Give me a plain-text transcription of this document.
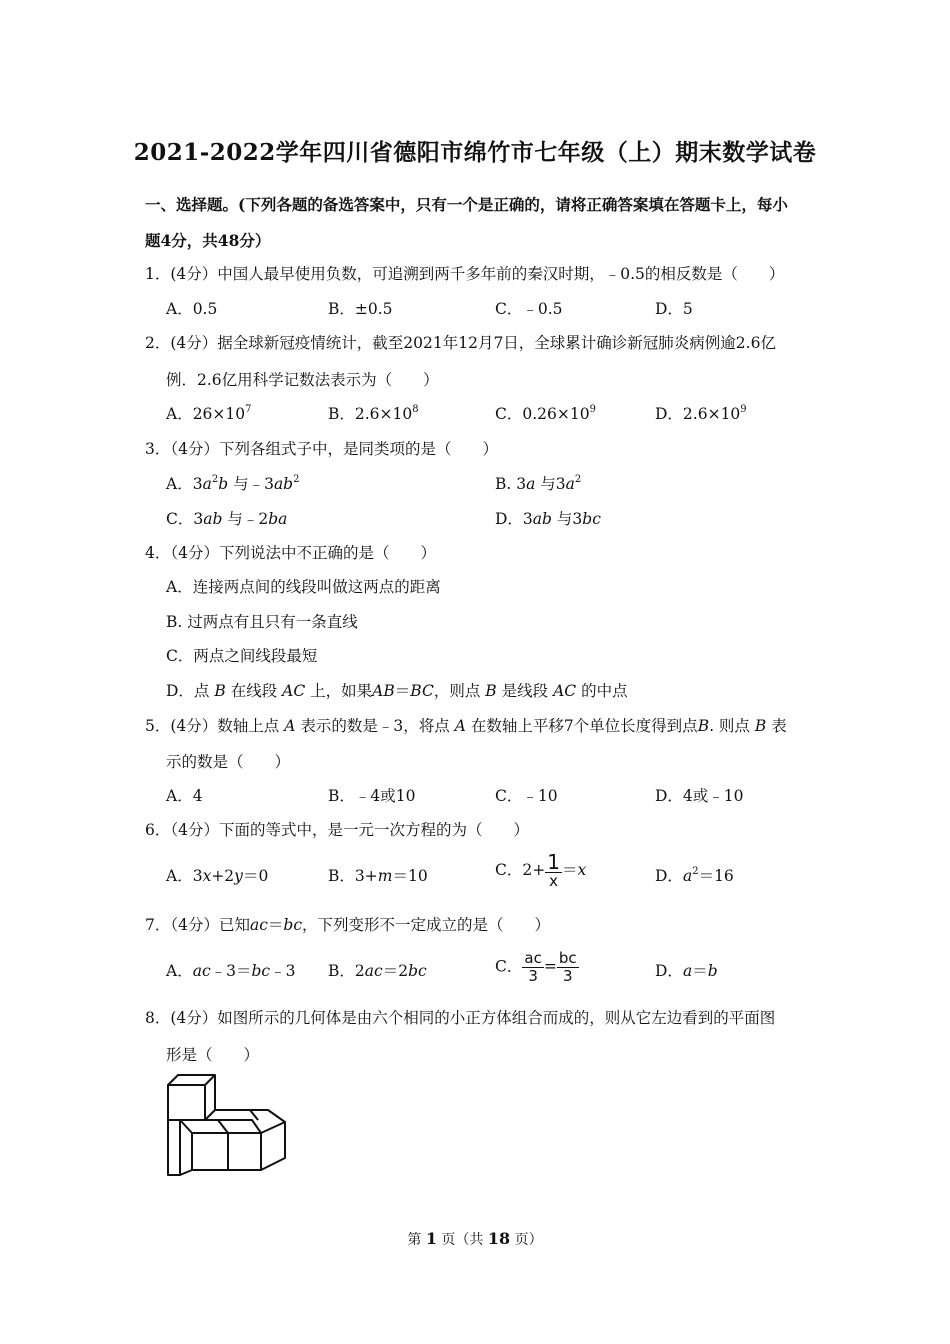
2021-2022学年四川省德阳市绵竹市七年级（上）期末数学试卷
一、选择题。(下列各题的备选答案中，只有一个是正确的，请将正确答案填在答题卡上，每小
题4分，共48分）
1．(4分）中国人最早使用负数，可追溯到两千多年前的秦汉时期，﹣0.5的相反数是（　　）
A．0.5	B．±0.5	C．﹣0.5	D．5
2．(4分）据全球新冠疫情统计，截至2021年12月7日，全球累计确诊新冠肺炎病例逾2.6亿
例．2.6亿用科学记数法表示为（　　）
A．$26\times 10^7$	B．$2.6\times 10^8$	C．$0.26\times 10^9$	D．$2.6\times 10^9$
3．（4分）下列各组式子中，是同类项的是（　　）
A．$3a^2b$ 与$﹣3ab^2$	B. 3a 与$3a^2$
C．3ab 与﹣2ba	D．3ab 与3bc
4．（4分）下列说法中不正确的是（　　）
A．连接两点间的线段叫做这两点的距离
B. 过两点有且只有一条直线
C．两点之间线段最短
D．点 B 在线段 AC 上，如果AB＝BC，则点 B 是线段 AC 的中点
5．(4分）数轴上点 A 表示的数是﹣3，将点 A 在数轴上平移7个单位长度得到点B. 则点 B 表
示的数是（　　）
A．4	B．﹣4或10	C．﹣10	D．4或﹣10
6．（4分）下面的等式中，是一元一次方程的为（　　）
A．3x+2y＝0	B．3+m＝10	C．$2+ \frac{1}{x} =x$	D．$a^2=16$
7．（4分）已知ac＝bc，下列变形不一定成立的是（　　）
A．ac﹣3＝bc﹣3 B．2ac＝2bc	C． $\frac{ac}{3} = \frac{bc}{3}$	D．a＝b
8．(4分）如图所示的几何体是由六个相同的小正方体组合而成的，则从它左边看到的平面图
形是（　　）
第 1 页（共 18 页）
